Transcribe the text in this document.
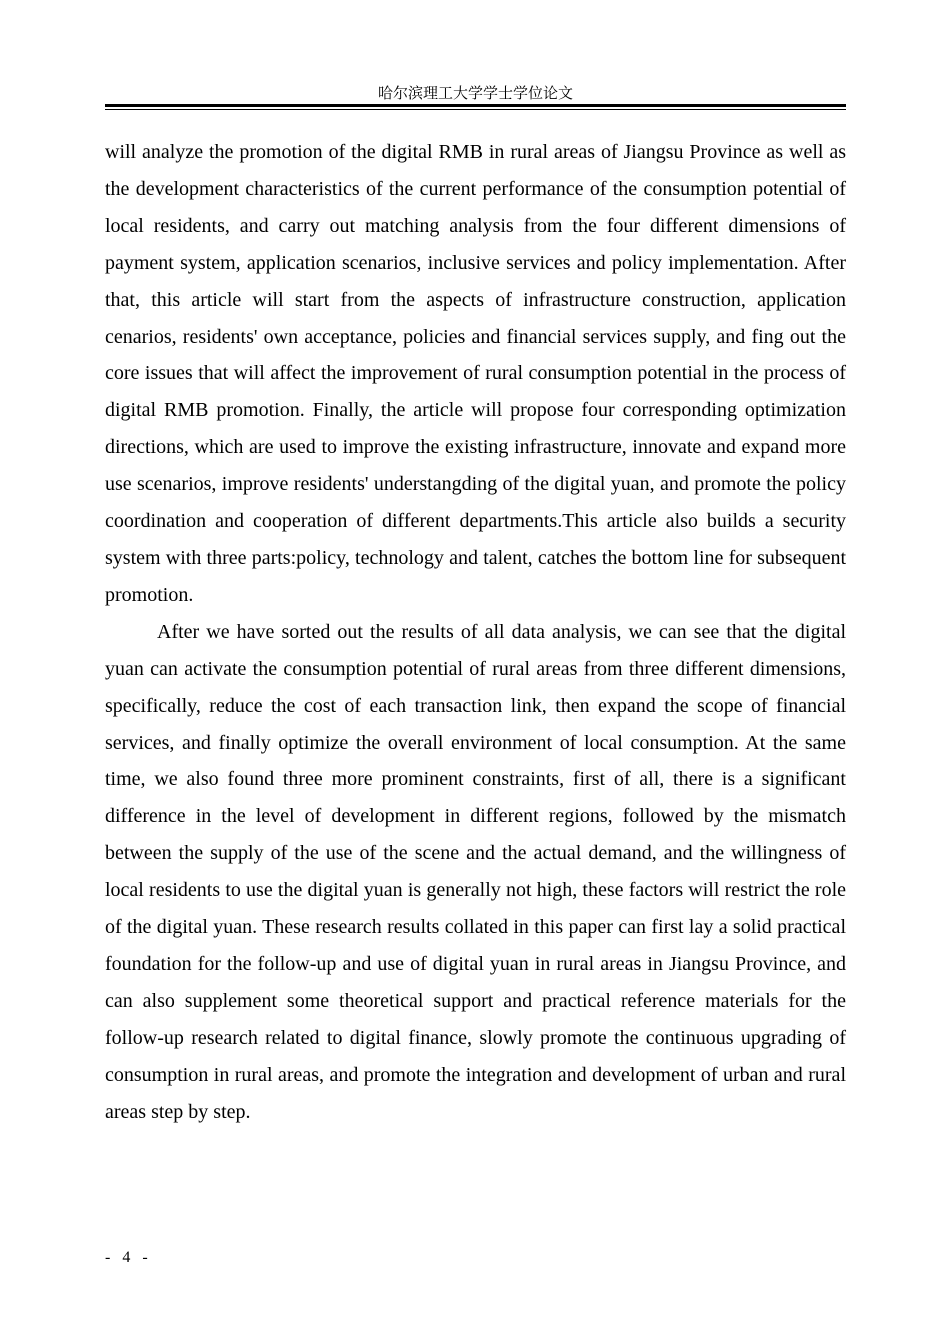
哈尔滨理工大学学士学位论文

will analyze the promotion of the digital RMB in rural areas of Jiangsu Province as well as the development characteristics of the current performance of the consumption potential of local residents, and carry out matching analysis from the four different dimensions of payment system, application scenarios, inclusive services and policy implementation. After that, this article will start from the aspects of infrastructure construction, application cenarios, residents' own acceptance, policies and financial services supply, and fing out the core issues that will affect the improvement of rural consumption potential in the process of digital RMB promotion. Finally, the article will propose four corresponding optimization directions, which are used to improve the existing infrastructure, innovate and expand more use scenarios, improve residents' understangding of the digital yuan, and promote the policy coordination and cooperation of different departments.This article also builds a security system with three parts:policy, technology and talent, catches the bottom line for subsequent promotion.

After we have sorted out the results of all data analysis, we can see that the digital yuan can activate the consumption potential of rural areas from three different dimensions, specifically, reduce the cost of each transaction link, then expand the scope of financial services, and finally optimize the overall environment of local consumption. At the same time, we also found three more prominent constraints, first of all, there is a significant difference in the level of development in different regions, followed by the mismatch between the supply of the use of the scene and the actual demand, and the willingness of local residents to use the digital yuan is generally not high, these factors will restrict the role of the digital yuan. These research results collated in this paper can first lay a solid practical foundation for the follow-up and use of digital yuan in rural areas in Jiangsu Province, and can also supplement some theoretical support and practical reference materials for the follow-up research related to digital finance, slowly promote the continuous upgrading of consumption in rural areas, and promote the integration and development of urban and rural areas step by step.

- 4 -
